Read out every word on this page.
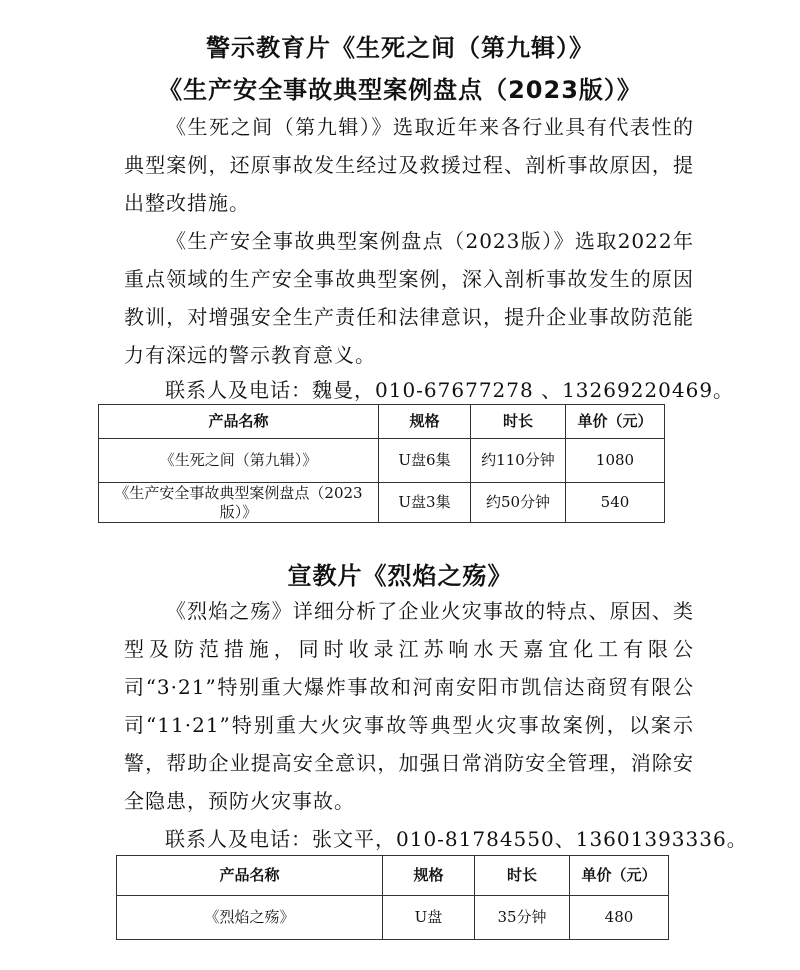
警示教育片《生死之间（第九辑）》
《生产安全事故典型案例盘点（2023版）》
《生死之间（第九辑）》选取近年来各行业具有代表性的典型案例，还原事故发生经过及救援过程、剖析事故原因，提出整改措施。
《生产安全事故典型案例盘点（2023版）》选取2022年重点领域的生产安全事故典型案例，深入剖析事故发生的原因教训，对增强安全生产责任和法律意识，提升企业事故防范能力有深远的警示教育意义。
联系人及电话：魏曼，010-67677278 、13269220469。
产品名称	规格	时长	单价（元）
《生死之间（第九辑）》	U盘6集	约110分钟	1080
《生产安全事故典型案例盘点（2023版）》	U盘3集	约50分钟	540
宣教片《烈焰之殇》
《烈焰之殇》详细分析了企业火灾事故的特点、原因、类型及防范措施，同时收录江苏响水天嘉宜化工有限公司“3·21”特别重大爆炸事故和河南安阳市凯信达商贸有限公司“11·21”特别重大火灾事故等典型火灾事故案例，以案示警，帮助企业提高安全意识，加强日常消防安全管理，消除安全隐患，预防火灾事故。
联系人及电话：张文平，010-81784550、13601393336。
产品名称	规格	时长	单价（元）
《烈焰之殇》	U盘	35分钟	480
